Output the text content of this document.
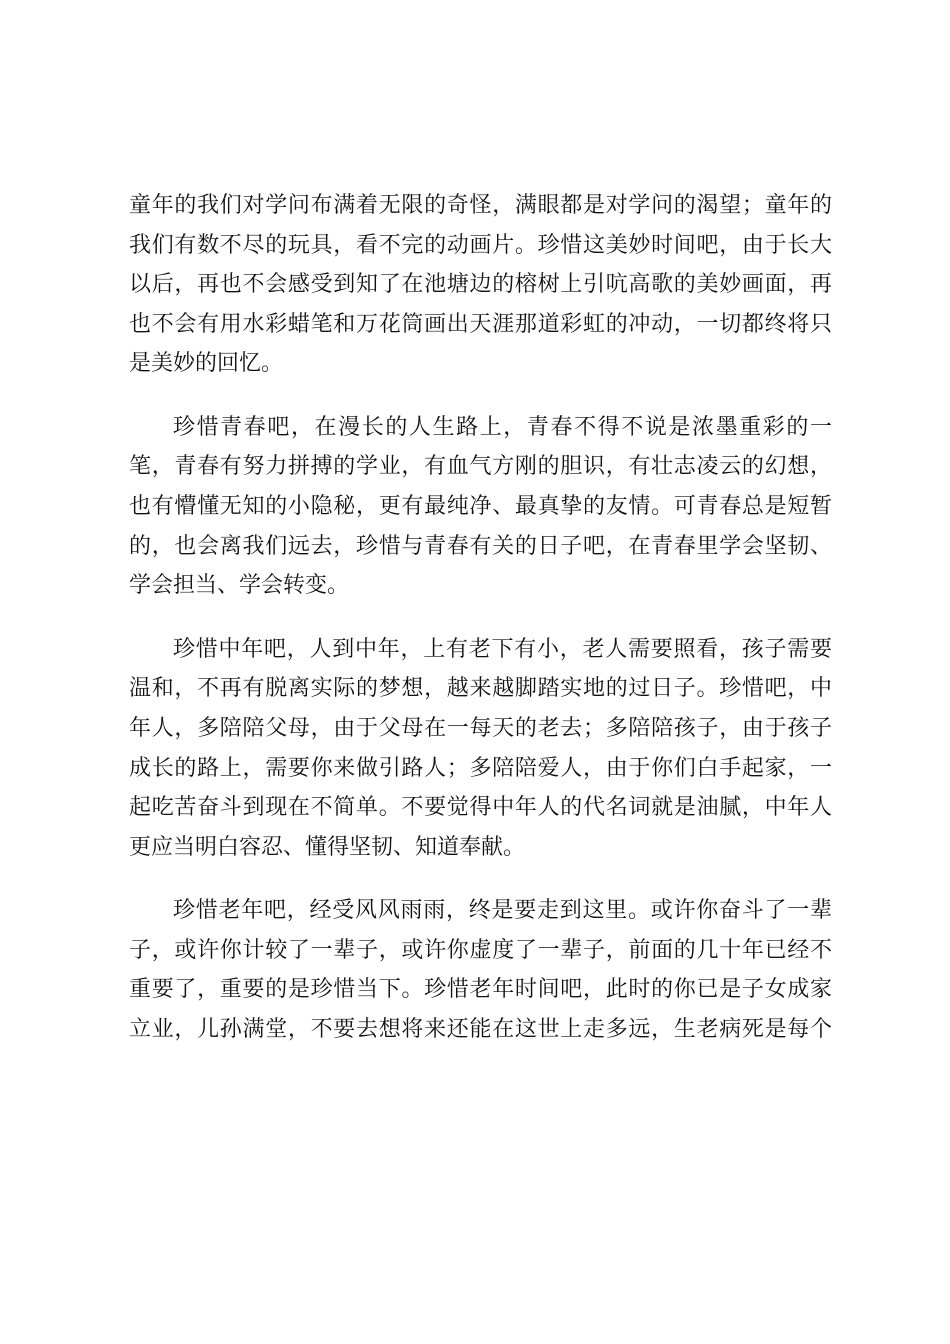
童年的我们对学问布满着无限的奇怪，满眼都是对学问的渴望；童年的
我们有数不尽的玩具，看不完的动画片。珍惜这美妙时间吧，由于长大
以后，再也不会感受到知了在池塘边的榕树上引吭高歌的美妙画面，再
也不会有用水彩蜡笔和万花筒画出天涯那道彩虹的冲动，一切都终将只
是美妙的回忆。

珍惜青春吧，在漫长的人生路上，青春不得不说是浓墨重彩的一
笔，青春有努力拼搏的学业，有血气方刚的胆识，有壮志凌云的幻想，
也有懵懂无知的小隐秘，更有最纯净、最真挚的友情。可青春总是短暂
的，也会离我们远去，珍惜与青春有关的日子吧，在青春里学会坚韧、
学会担当、学会转变。

珍惜中年吧，人到中年，上有老下有小，老人需要照看，孩子需要
温和，不再有脱离实际的梦想，越来越脚踏实地的过日子。珍惜吧，中
年人，多陪陪父母，由于父母在一每天的老去；多陪陪孩子，由于孩子
成长的路上，需要你来做引路人；多陪陪爱人，由于你们白手起家，一
起吃苦奋斗到现在不简单。不要觉得中年人的代名词就是油腻，中年人
更应当明白容忍、懂得坚韧、知道奉献。

珍惜老年吧，经受风风雨雨，终是要走到这里。或许你奋斗了一辈
子，或许你计较了一辈子，或许你虚度了一辈子，前面的几十年已经不
重要了，重要的是珍惜当下。珍惜老年时间吧，此时的你已是子女成家
立业，儿孙满堂，不要去想将来还能在这世上走多远，生老病死是每个
